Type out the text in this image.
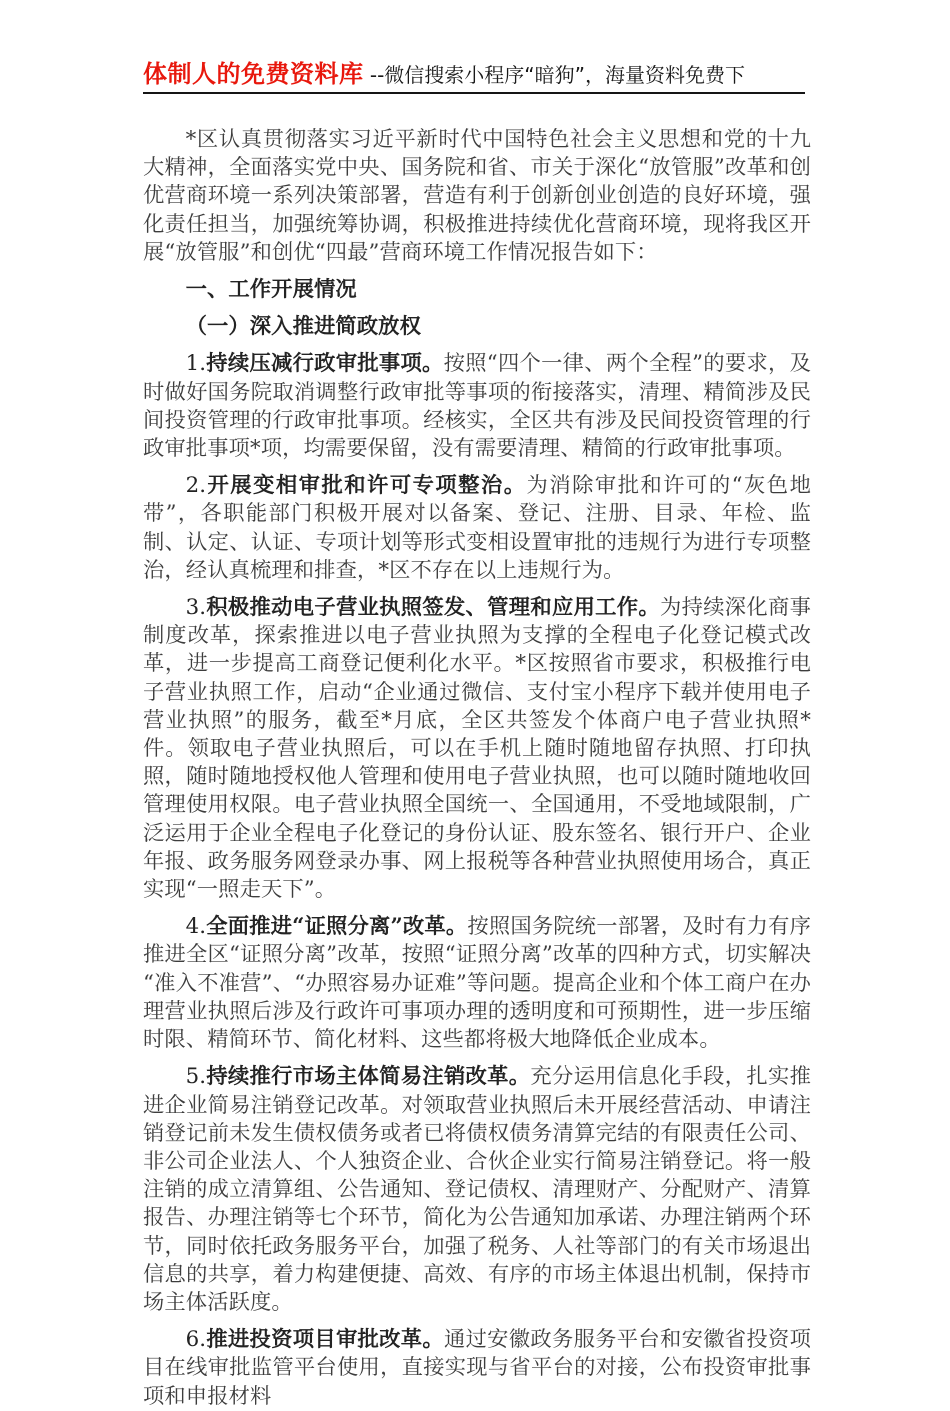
体制人的免费资料库 --微信搜索小程序“暗狗”，海量资料免费下

*区认真贯彻落实习近平新时代中国特色社会主义思想和党的十九大精神，全面落实党中央、国务院和省、市关于深化“放管服”改革和创优营商环境一系列决策部署，营造有利于创新创业创造的良好环境，强化责任担当，加强统筹协调，积极推进持续优化营商环境，现将我区开展“放管服”和创优“四最”营商环境工作情况报告如下：

一、工作开展情况

（一）深入推进简政放权

1.持续压减行政审批事项。按照“四个一律、两个全程”的要求，及时做好国务院取消调整行政审批等事项的衔接落实，清理、精简涉及民间投资管理的行政审批事项。经核实，全区共有涉及民间投资管理的行政审批事项*项，均需要保留，没有需要清理、精简的行政审批事项。

2.开展变相审批和许可专项整治。为消除审批和许可的“灰色地带”，各职能部门积极开展对以备案、登记、注册、目录、年检、监制、认定、认证、专项计划等形式变相设置审批的违规行为进行专项整治，经认真梳理和排查，*区不存在以上违规行为。

3.积极推动电子营业执照签发、管理和应用工作。为持续深化商事制度改革，探索推进以电子营业执照为支撑的全程电子化登记模式改革，进一步提高工商登记便利化水平。*区按照省市要求，积极推行电子营业执照工作，启动“企业通过微信、支付宝小程序下载并使用电子营业执照”的服务，截至*月底，全区共签发个体商户电子营业执照*件。领取电子营业执照后，可以在手机上随时随地留存执照、打印执照，随时随地授权他人管理和使用电子营业执照，也可以随时随地收回管理使用权限。电子营业执照全国统一、全国通用，不受地域限制，广泛运用于企业全程电子化登记的身份认证、股东签名、银行开户、企业年报、政务服务网登录办事、网上报税等各种营业执照使用场合，真正实现“一照走天下”。

4.全面推进“证照分离”改革。按照国务院统一部署，及时有力有序推进全区“证照分离”改革，按照“证照分离”改革的四种方式，切实解决“准入不准营”、“办照容易办证难”等问题。提高企业和个体工商户在办理营业执照后涉及行政许可事项办理的透明度和可预期性，进一步压缩时限、精简环节、简化材料、这些都将极大地降低企业成本。

5.持续推行市场主体简易注销改革。充分运用信息化手段，扎实推进企业简易注销登记改革。对领取营业执照后未开展经营活动、申请注销登记前未发生债权债务或者已将债权债务清算完结的有限责任公司、非公司企业法人、个人独资企业、合伙企业实行简易注销登记。将一般注销的成立清算组、公告通知、登记债权、清理财产、分配财产、清算报告、办理注销等七个环节，简化为公告通知加承诺、办理注销两个环节，同时依托政务服务平台，加强了税务、人社等部门的有关市场退出信息的共享，着力构建便捷、高效、有序的市场主体退出机制，保持市场主体活跃度。

6.推进投资项目审批改革。通过安徽政务服务平台和安徽省投资项目在线审批监管平台使用，直接实现与省平台的对接，公布投资审批事项和申报材料
